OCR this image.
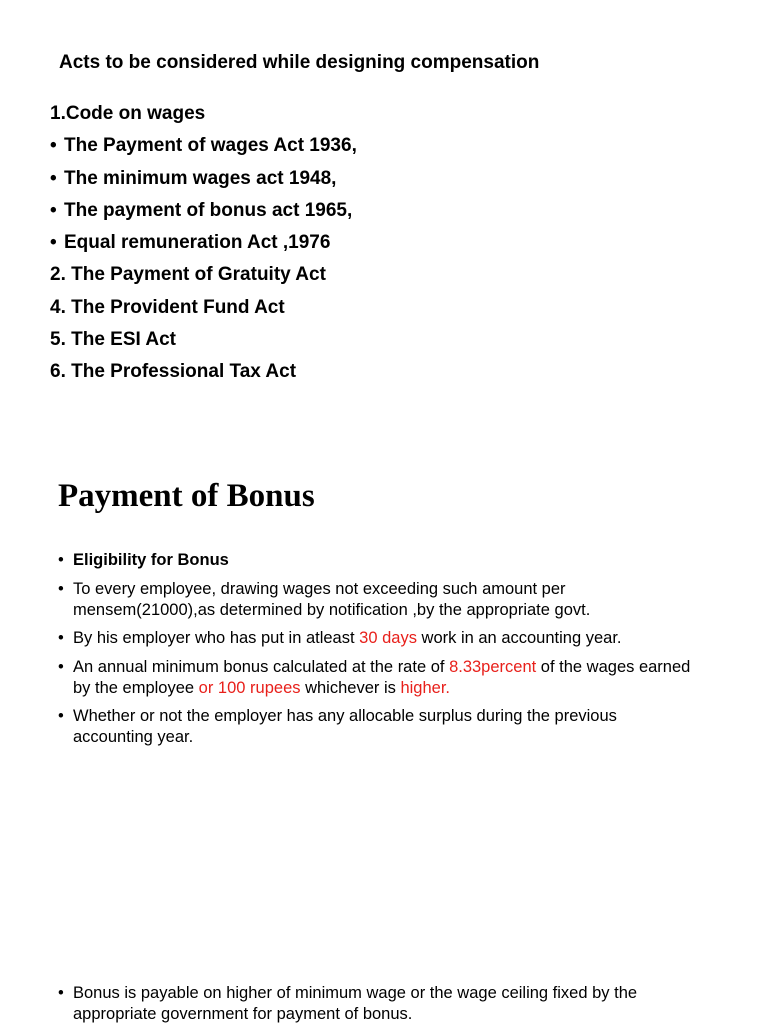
Acts to be considered while designing compensation
1.Code on wages
• The Payment of wages Act 1936,
• The minimum wages act 1948,
• The payment of bonus act 1965,
• Equal remuneration Act ,1976
2. The Payment of Gratuity Act
4. The Provident Fund Act
5. The ESI Act
6. The Professional Tax Act
Payment of Bonus
• Eligibility for Bonus
• To every employee, drawing wages not exceeding such amount per mensem(21000),as determined by notification ,by the appropriate govt.
• By his employer who has put in atleast 30 days work in an accounting year.
• An annual minimum bonus calculated at the rate of 8.33percent of the wages earned by the employee or 100 rupees whichever is higher.
• Whether or not the employer has any allocable surplus during the previous accounting year.
• Bonus is payable on higher of minimum wage or the wage ceiling fixed by the appropriate government for payment of bonus.
